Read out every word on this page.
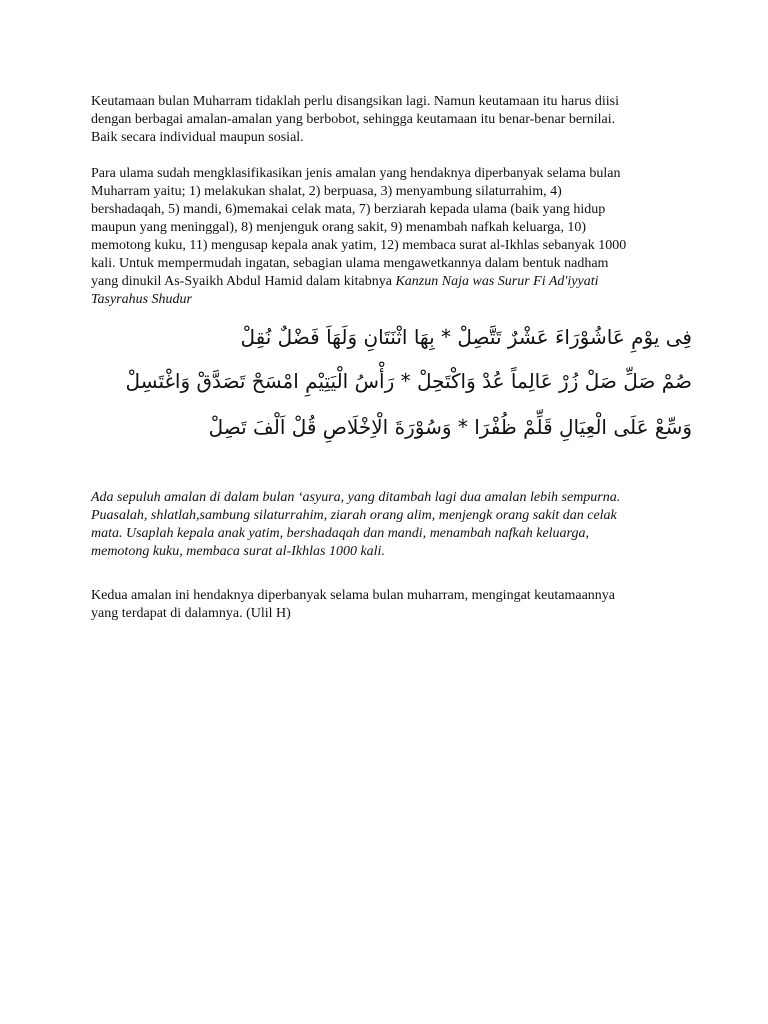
Keutamaan bulan Muharram tidaklah perlu disangsikan lagi. Namun keutamaan itu harus diisi
dengan berbagai amalan-amalan yang berbobot, sehingga keutamaan itu benar-benar bernilai.
Baik secara individual maupun sosial.

Para ulama sudah mengklasifikasikan jenis amalan yang hendaknya diperbanyak selama bulan
Muharram yaitu; 1) melakukan shalat, 2) berpuasa, 3) menyambung silaturrahim, 4)
bershadaqah, 5) mandi, 6)memakai celak mata, 7) berziarah kepada ulama (baik yang hidup
maupun yang meninggal), 8) menjenguk orang sakit, 9) menambah nafkah keluarga, 10)
memotong kuku, 11) mengusap kepala anak yatim, 12) membaca surat al-Ikhlas sebanyak 1000
kali. Untuk mempermudah ingatan, sebagian ulama mengawetkannya dalam bentuk nadham
yang dinukil As-Syaikh Abdul Hamid dalam kitabnya Kanzun Naja was Surur Fi Ad'iyyati
Tasyrahus Shudur

فِى يوْمِ عَاشُوْرَاءَ عَشْرٌ تَتَّصِلْ * بِهَا اثْنَتَانِ وَلَهَاَ فَضْلٌ نُقِلْ
صُمْ صَلِّ صَلْ زُرْ عَالِماً عُدْ وَاكْتَحِلْ * رَأْسُ الْيَتِيْمِ امْسَحْ تَصَدَّقْ وَاغْتَسِلْ
وَسِّعْ عَلَى الْعِيَالِ قَلِّمْ ظُفْرَا * وَسُوْرَةَ الْاِخْلَاصِ قُلْ اَلْفَ تَصِلْ

Ada sepuluh amalan di dalam bulan ‘asyura, yang ditambah lagi dua amalan lebih sempurna.
Puasalah, shlatlah,sambung silaturrahim, ziarah orang alim, menjengk orang sakit dan celak
mata. Usaplah kepala anak yatim, bershadaqah dan mandi, menambah nafkah keluarga,
memotong kuku, membaca surat al-Ikhlas 1000 kali.

Kedua amalan ini hendaknya diperbanyak selama bulan muharram, mengingat keutamaannya
yang terdapat di dalamnya. (Ulil H)
